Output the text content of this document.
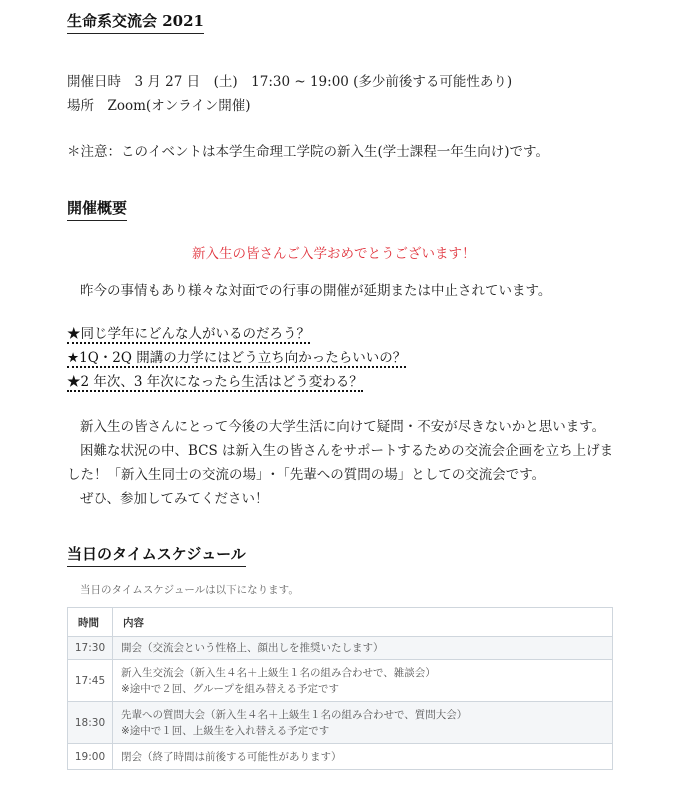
生命系交流会 2021
開催日時　3 月 27 日　(土)　17:30 ~ 19:00 (多少前後する可能性あり)
場所　Zoom(オンライン開催)
＊注意：このイベントは本学生命理工学院の新入生(学士課程一年生向け)です。
開催概要
新入生の皆さんご入学おめでとうございます！
昨今の事情もあり様々な対面での行事の開催が延期または中止されています。
★同じ学年にどんな人がいるのだろう？
★1Q・2Q 開講の力学にはどう立ち向かったらいいの？
★2 年次、3 年次になったら生活はどう変わる？
新入生の皆さんにとって今後の大学生活に向けて疑問・不安が尽きないかと思います。
困難な状況の中、BCS は新入生の皆さんをサポートするための交流会企画を立ち上げま
した！「新入生同士の交流の場」･「先輩への質問の場」としての交流会です。
ぜひ、参加してみてください！
当日のタイムスケジュール
当日のタイムスケジュールは以下になります。
時間	内容
17:30	開会（交流会という性格上、顔出しを推奨いたします）

17:45	新入生交流会（新入生４名＋上級生１名の組み合わせで、雑談会）
※途中で２回、グループを組み替える予定です

18:30	先輩への質問大会（新入生４名＋上級生１名の組み合わせで、質問大会）
※途中で１回、上級生を入れ替える予定です

19:00	閉会（終了時間は前後する可能性があります）
